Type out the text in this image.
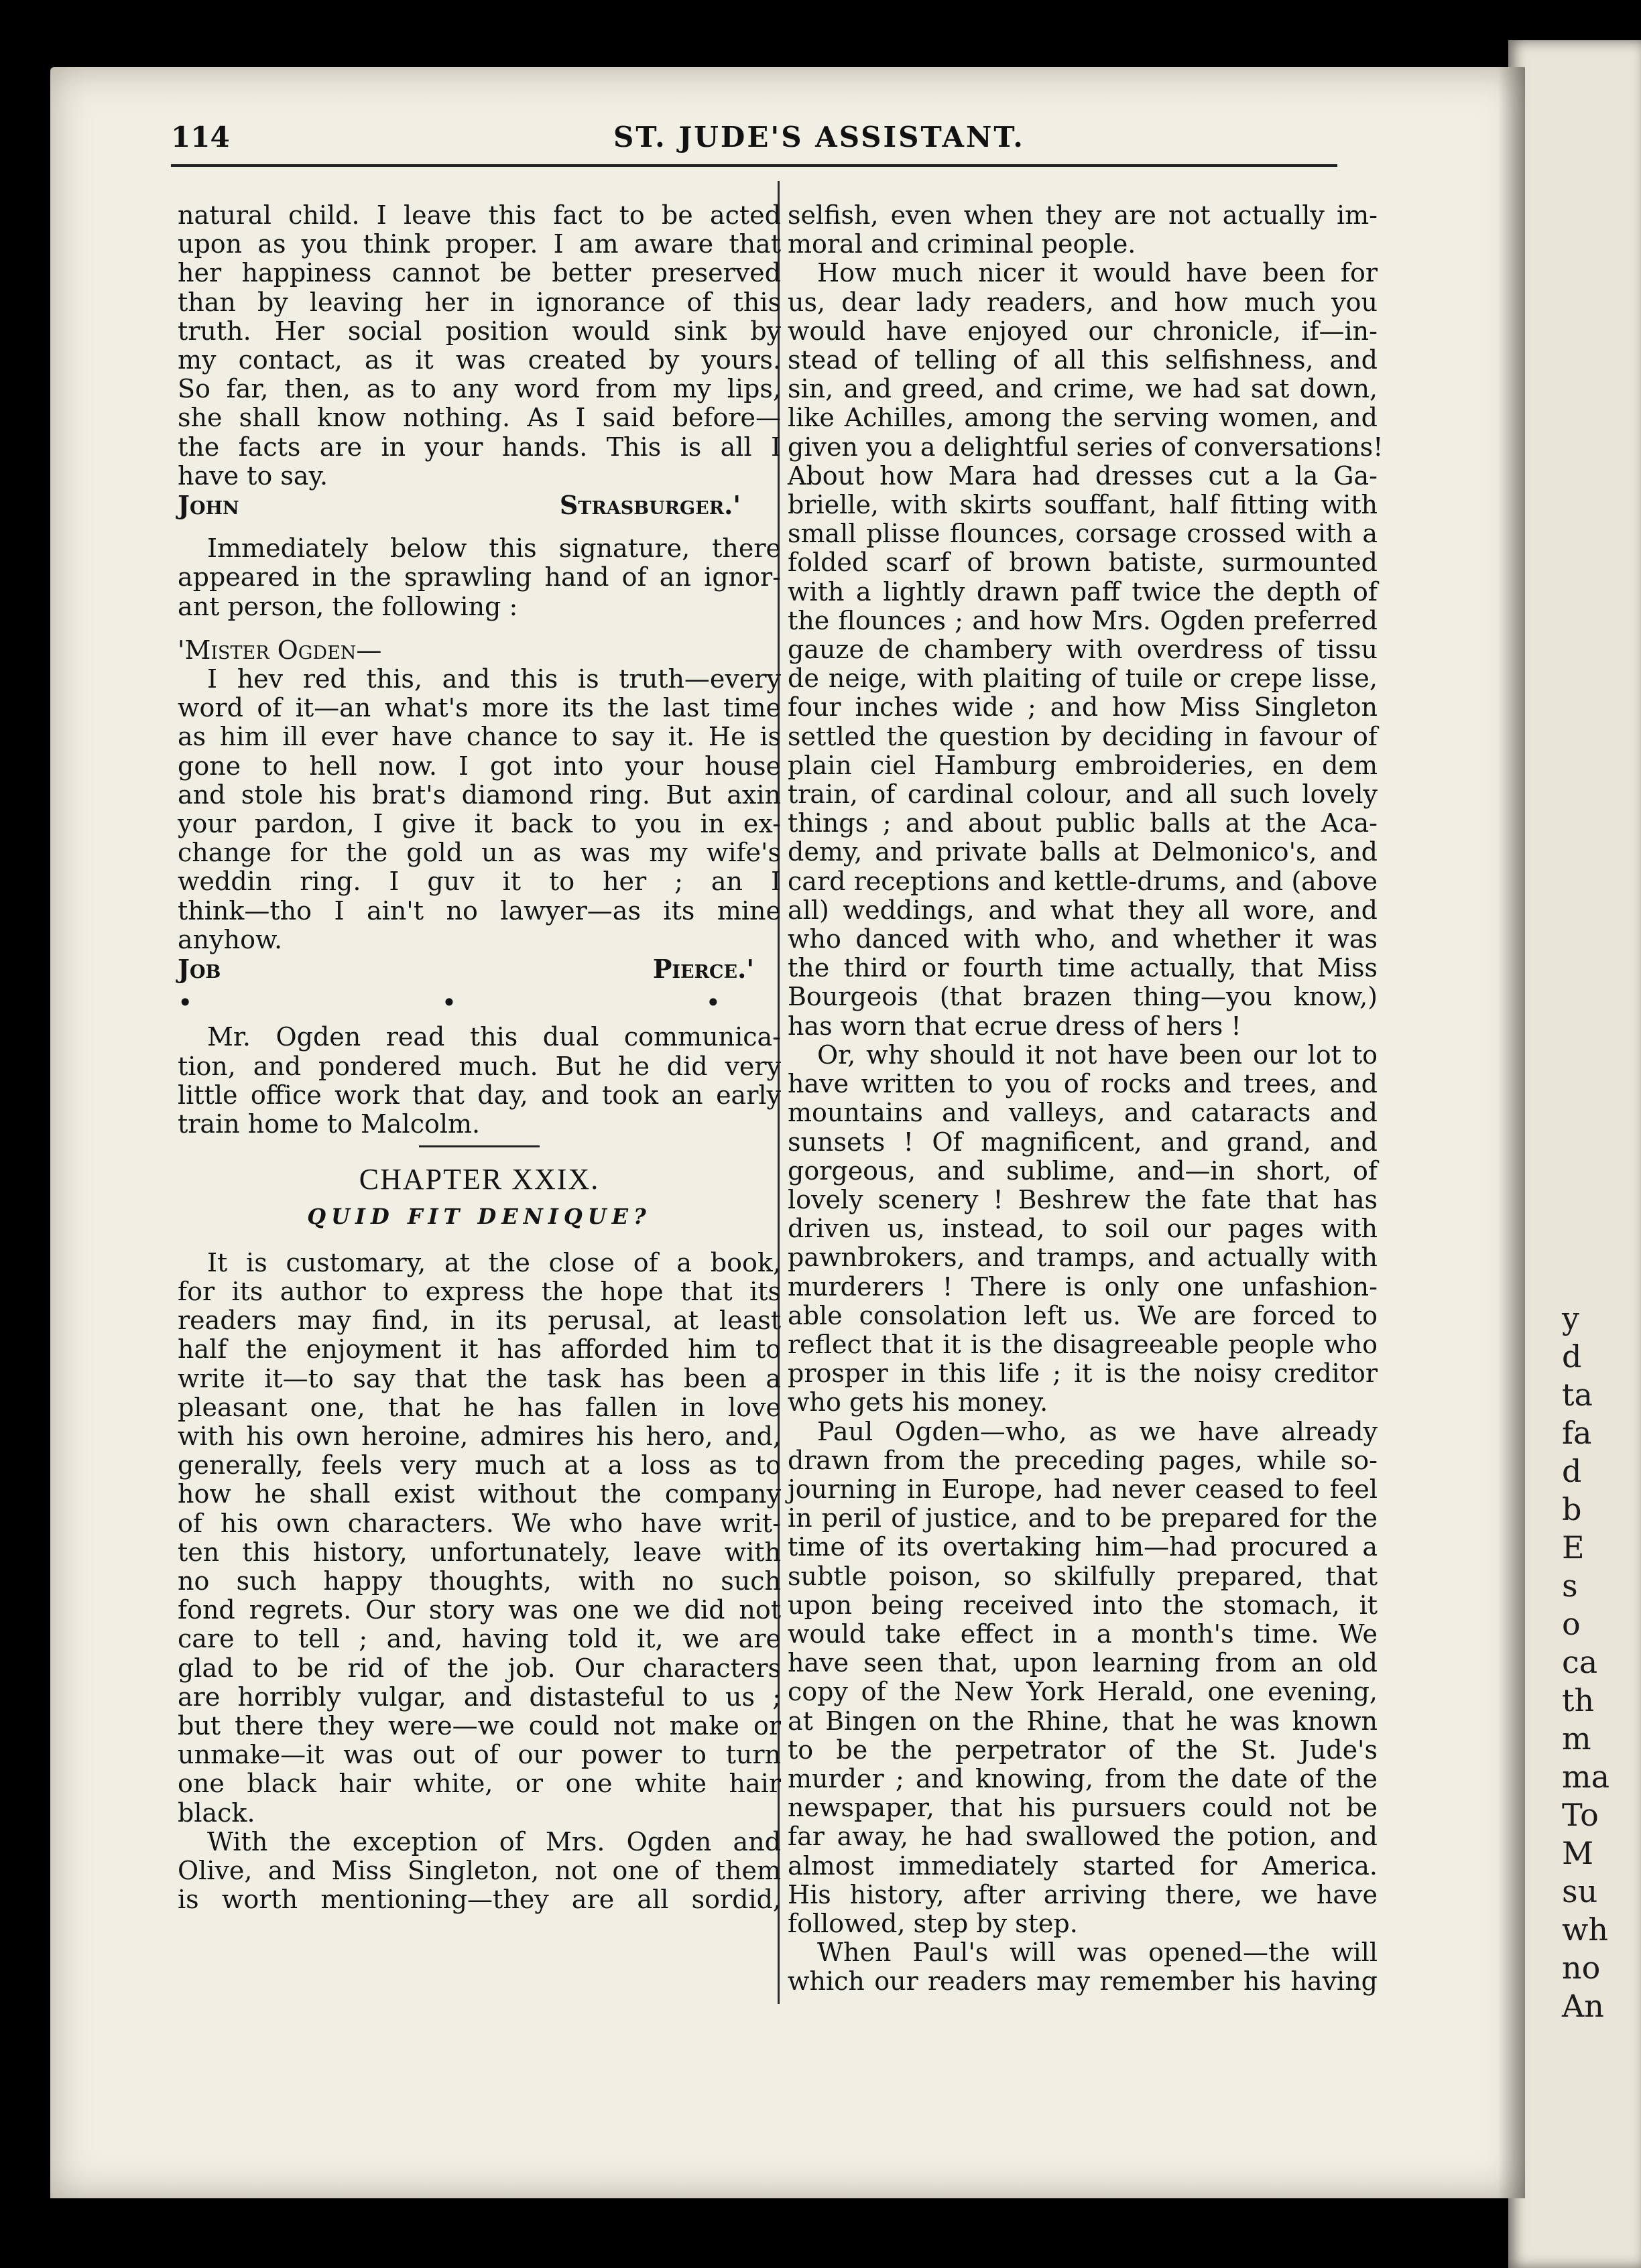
y
d
ta
fa
d
b
E
s
o
ca
th
m
ma
To
M
su
wh
no
An
114	ST. JUDE'S ASSISTANT.
natural child. I leave this fact to be acted
upon as you think proper. I am aware that
her happiness cannot be better preserved
than by leaving her in ignorance of this
truth. Her social position would sink by
my contact, as it was created by yours.
So far, then, as to any word from my lips,
she shall know nothing. As I said before—
the facts are in your hands. This is all I
have to say.
John Strasburger.'
Immediately below this signature, there
appeared in the sprawling hand of an ignor-
ant person, the following :
'Mister Ogden—
I hev red this, and this is truth—every
word of it—an what's more its the last time
as him ill ever have chance to say it. He is
gone to hell now. I got into your house
and stole his brat's diamond ring. But axin
your pardon, I give it back to you in ex-
change for the gold un as was my wife's
weddin ring. I guv it to her ; an I
think—tho I ain't no lawyer—as its mine
anyhow.
Job Pierce.'
• • •
Mr. Ogden read this dual communica-
tion, and pondered much. But he did very
little office work that day, and took an early
train home to Malcolm.
CHAPTER XXIX.
QUID FIT DENIQUE?
It is customary, at the close of a book,
for its author to express the hope that its
readers may find, in its perusal, at least
half the enjoyment it has afforded him to
write it—to say that the task has been a
pleasant one, that he has fallen in love
with his own heroine, admires his hero, and,
generally, feels very much at a loss as to
how he shall exist without the company
of his own characters. We who have writ-
ten this history, unfortunately, leave with
no such happy thoughts, with no such
fond regrets. Our story was one we did not
care to tell ; and, having told it, we are
glad to be rid of the job. Our characters
are horribly vulgar, and distasteful to us ;
but there they were—we could not make or
unmake—it was out of our power to turn
one black hair white, or one white hair
black.
With the exception of Mrs. Ogden and
Olive, and Miss Singleton, not one of them
is worth mentioning—they are all sordid,
selfish, even when they are not actually im-
moral and criminal people.
How much nicer it would have been for
us, dear lady readers, and how much you
would have enjoyed our chronicle, if—in-
stead of telling of all this selfishness, and
sin, and greed, and crime, we had sat down,
like Achilles, among the serving women, and
given you a delightful series of conversations!
About how Mara had dresses cut a la Ga-
brielle, with skirts souffant, half fitting with
small plisse flounces, corsage crossed with a
folded scarf of brown batiste, surmounted
with a lightly drawn paff twice the depth of
the flounces ; and how Mrs. Ogden preferred
gauze de chambery with overdress of tissu
de neige, with plaiting of tuile or crepe lisse,
four inches wide ; and how Miss Singleton
settled the question by deciding in favour of
plain ciel Hamburg embroideries, en dem
train, of cardinal colour, and all such lovely
things ; and about public balls at the Aca-
demy, and private balls at Delmonico's, and
card receptions and kettle-drums, and (above
all) weddings, and what they all wore, and
who danced with who, and whether it was
the third or fourth time actually, that Miss
Bourgeois (that brazen thing—you know,)
has worn that ecrue dress of hers !
Or, why should it not have been our lot to
have written to you of rocks and trees, and
mountains and valleys, and cataracts and
sunsets ! Of magnificent, and grand, and
gorgeous, and sublime, and—in short, of
lovely scenery ! Beshrew the fate that has
driven us, instead, to soil our pages with
pawnbrokers, and tramps, and actually with
murderers ! There is only one unfashion-
able consolation left us. We are forced to
reflect that it is the disagreeable people who
prosper in this life ; it is the noisy creditor
who gets his money.
Paul Ogden—who, as we have already
drawn from the preceding pages, while so-
journing in Europe, had never ceased to feel
in peril of justice, and to be prepared for the
time of its overtaking him—had procured a
subtle poison, so skilfully prepared, that
upon being received into the stomach, it
would take effect in a month's time. We
have seen that, upon learning from an old
copy of the New York Herald, one evening,
at Bingen on the Rhine, that he was known
to be the perpetrator of the St. Jude's
murder ; and knowing, from the date of the
newspaper, that his pursuers could not be
far away, he had swallowed the potion, and
almost immediately started for America.
His history, after arriving there, we have
followed, step by step.
When Paul's will was opened—the will
which our readers may remember his having
